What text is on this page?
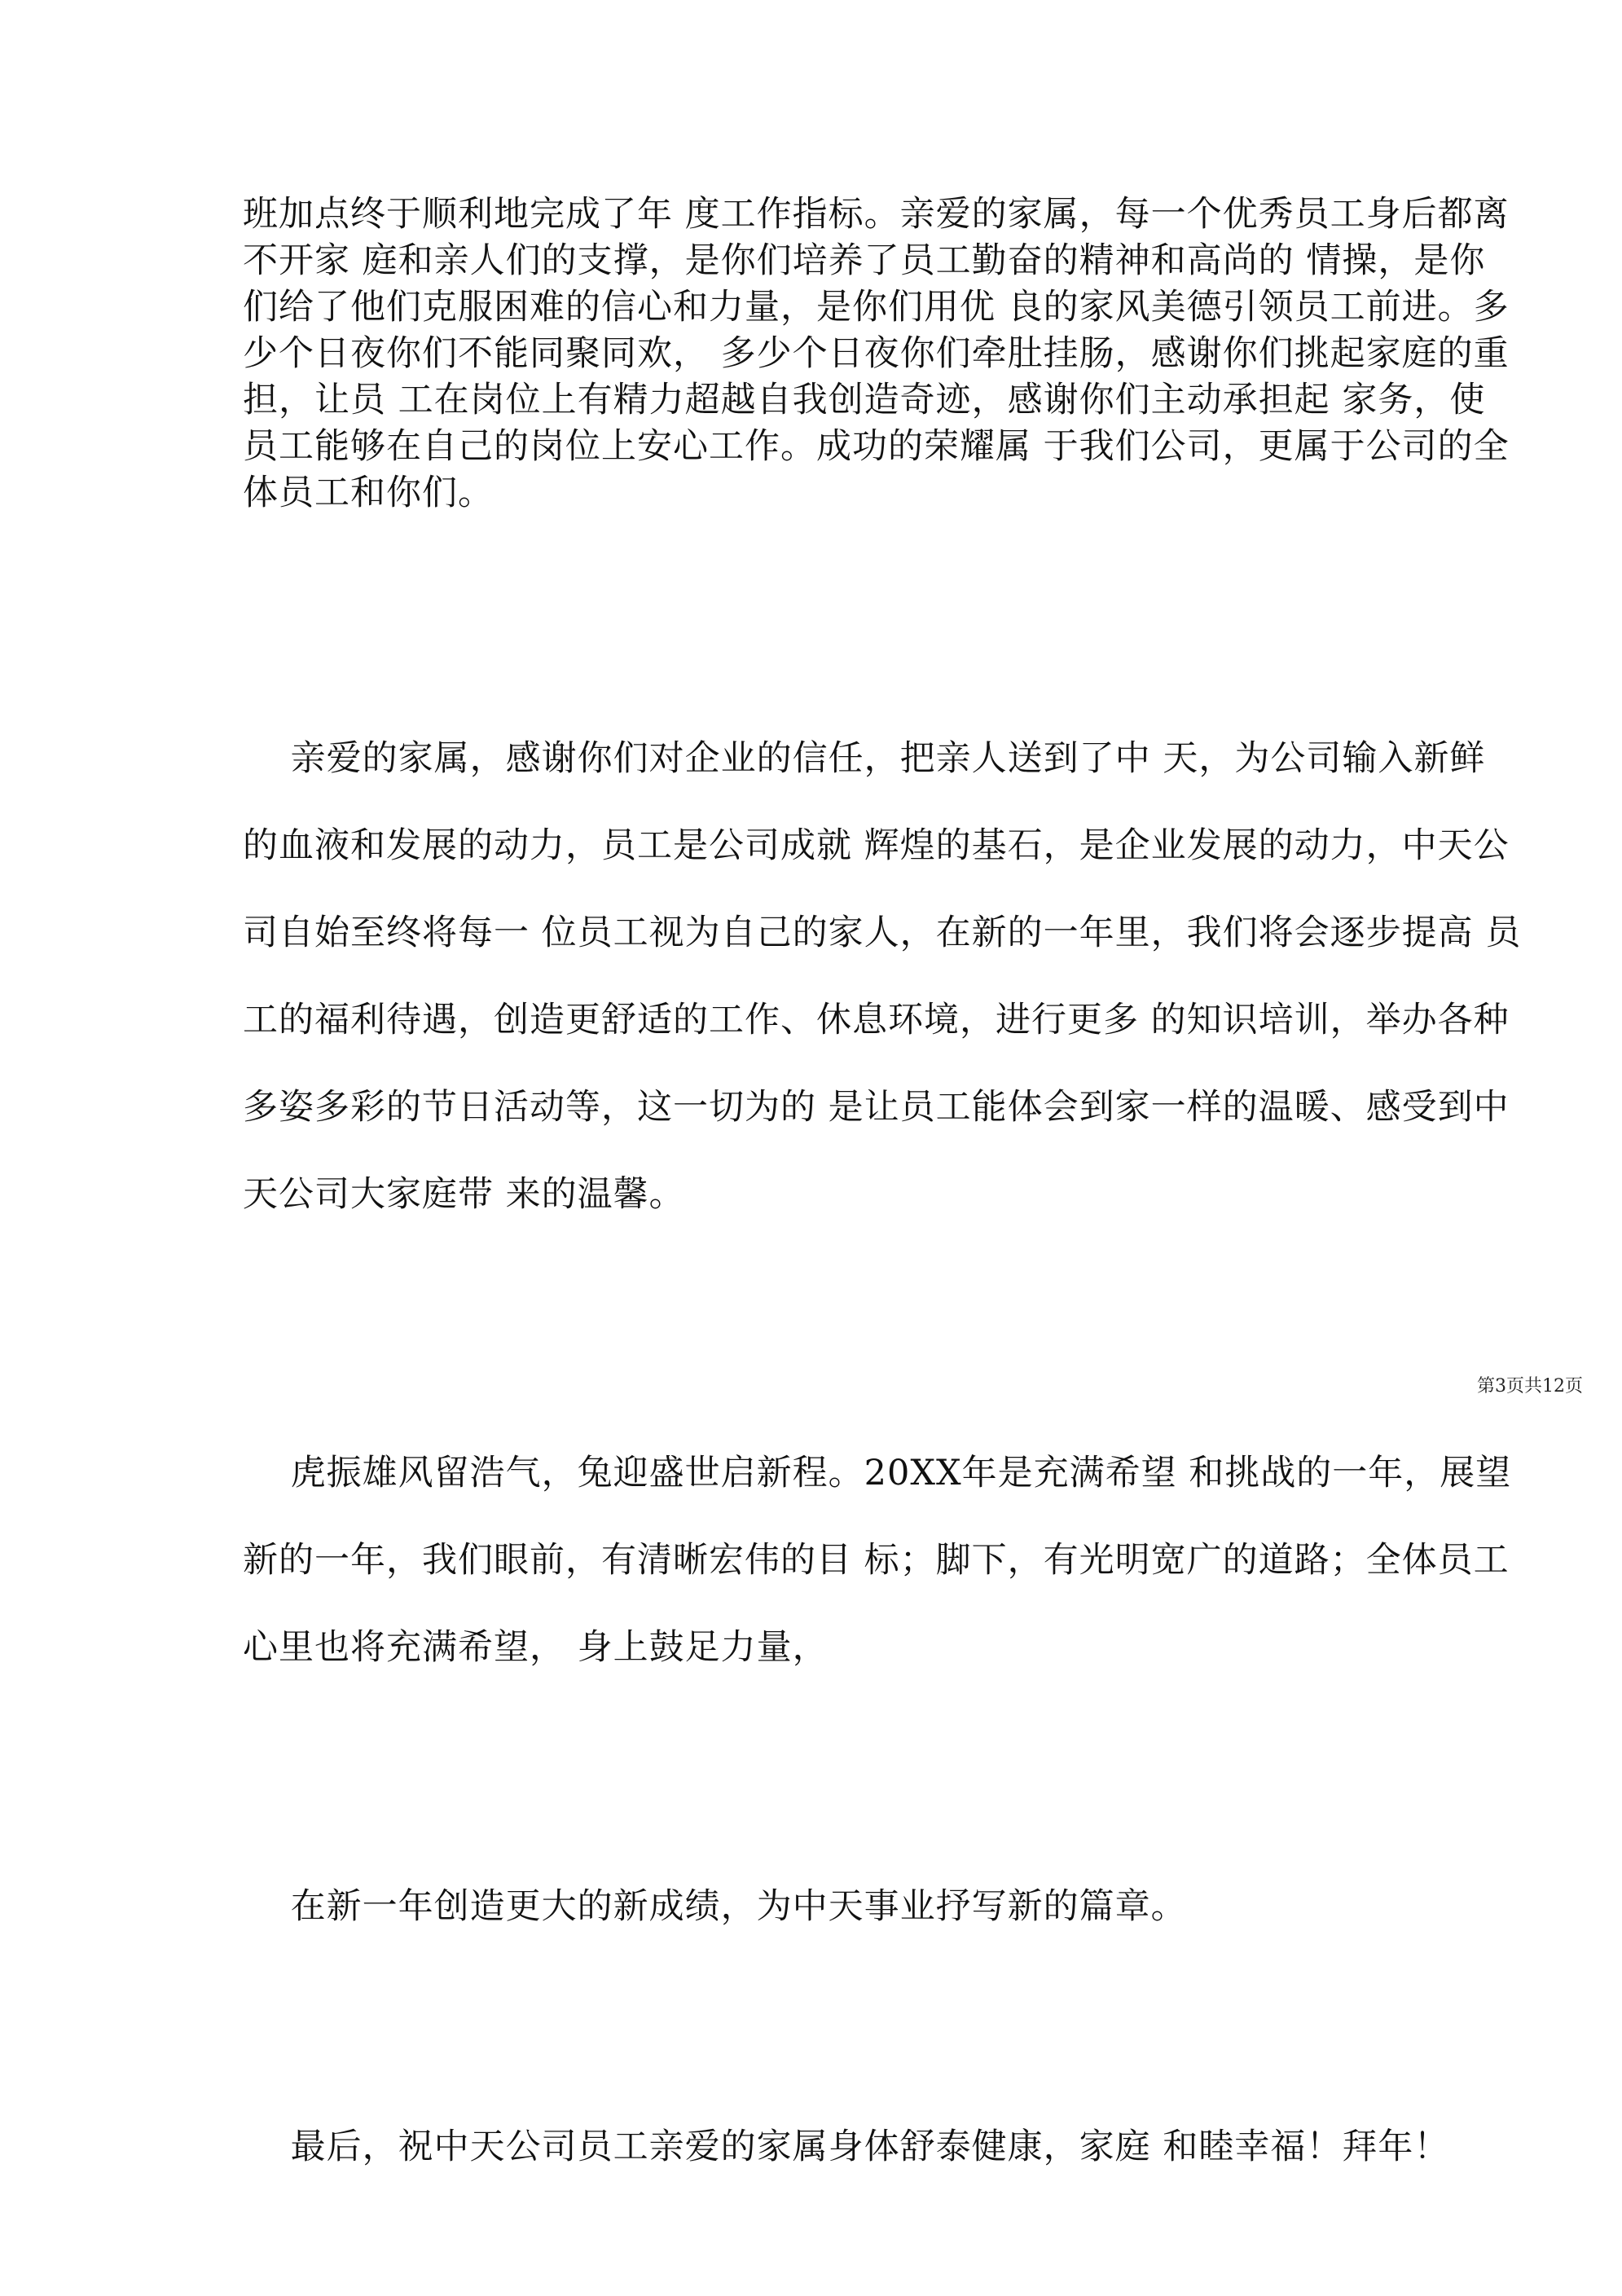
班加点终于顺利地完成了年 度工作指标。亲爱的家属，每一个优秀员工身后都离
不开家 庭和亲人们的支撑，是你们培养了员工勤奋的精神和高尚的 情操，是你
们给了他们克服困难的信心和力量，是你们用优 良的家风美德引领员工前进。多
少个日夜你们不能同聚同欢， 多少个日夜你们牵肚挂肠，感谢你们挑起家庭的重
担，让员 工在岗位上有精力超越自我创造奇迹，感谢你们主动承担起 家务，使
员工能够在自己的岗位上安心工作。成功的荣耀属 于我们公司，更属于公司的全
体员工和你们。
亲爱的家属，感谢你们对企业的信任，把亲人送到了中 天，为公司输入新鲜
的血液和发展的动力，员工是公司成就 辉煌的基石，是企业发展的动力，中天公
司自始至终将每一 位员工视为自己的家人，在新的一年里，我们将会逐步提高 员
工的福利待遇，创造更舒适的工作、休息环境，进行更多 的知识培训，举办各种
多姿多彩的节日活动等，这一切为的 是让员工能体会到家一样的温暖、感受到中
天公司大家庭带 来的温馨。
第3页共12页
虎振雄风留浩气，兔迎盛世启新程。20XX年是充满希望 和挑战的一年，展望
新的一年，我们眼前，有清晰宏伟的目 标；脚下，有光明宽广的道路；全体员工
心里也将充满希望， 身上鼓足力量，
在新一年创造更大的新成绩，为中天事业抒写新的篇章。
最后，祝中天公司员工亲爱的家属身体舒泰健康，家庭 和睦幸福！拜年！
